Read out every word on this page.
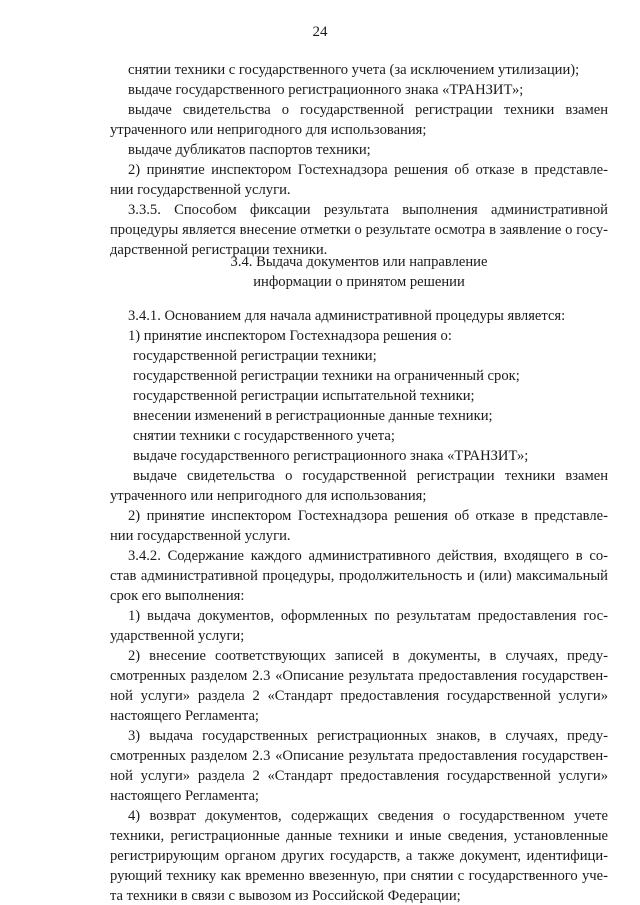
24
снятии техники с государственного учета (за исключением утилизации);
выдаче государственного регистрационного знака «ТРАНЗИТ»;
выдаче свидетельства о государственной регистрации техники взамен
утраченного или непригодного для использования;
выдаче дубликатов паспортов техники;
2) принятие инспектором Гостехнадзора решения об отказе в представле-
нии государственной услуги.
3.3.5. Способом фиксации результата выполнения административной
процедуры является внесение отметки о результате осмотра в заявление о госу-
дарственной регистрации техники.
3.4. Выдача документов или направление
информации о принятом решении
3.4.1. Основанием для начала административной процедуры является:
1) принятие инспектором Гостехнадзора решения о:
государственной регистрации техники;
государственной регистрации техники на ограниченный срок;
государственной регистрации испытательной техники;
внесении изменений в регистрационные данные техники;
снятии техники с государственного учета;
выдаче государственного регистрационного знака «ТРАНЗИТ»;
выдаче свидетельства о государственной регистрации техники взамен
утраченного или непригодного для использования;
2) принятие инспектором Гостехнадзора решения об отказе в представле-
нии государственной услуги.
3.4.2. Содержание каждого административного действия, входящего в со-
став административной процедуры, продолжительность и (или) максимальный
срок его выполнения:
1) выдача документов, оформленных по результатам предоставления гос-
ударственной услуги;
2) внесение соответствующих записей в документы, в случаях, преду-
смотренных разделом 2.3 «Описание результата предоставления государствен-
ной услуги» раздела 2 «Стандарт предоставления государственной услуги»
настоящего Регламента;
3) выдача государственных регистрационных знаков, в случаях, преду-
смотренных разделом 2.3 «Описание результата предоставления государствен-
ной услуги» раздела 2 «Стандарт предоставления государственной услуги»
настоящего Регламента;
4) возврат документов, содержащих сведения о государственном учете
техники, регистрационные данные техники и иные сведения, установленные
регистрирующим органом других государств, а также документ, идентифици-
рующий технику как временно ввезенную, при снятии с государственного уче-
та техники в связи с вывозом из Российской Федерации;
